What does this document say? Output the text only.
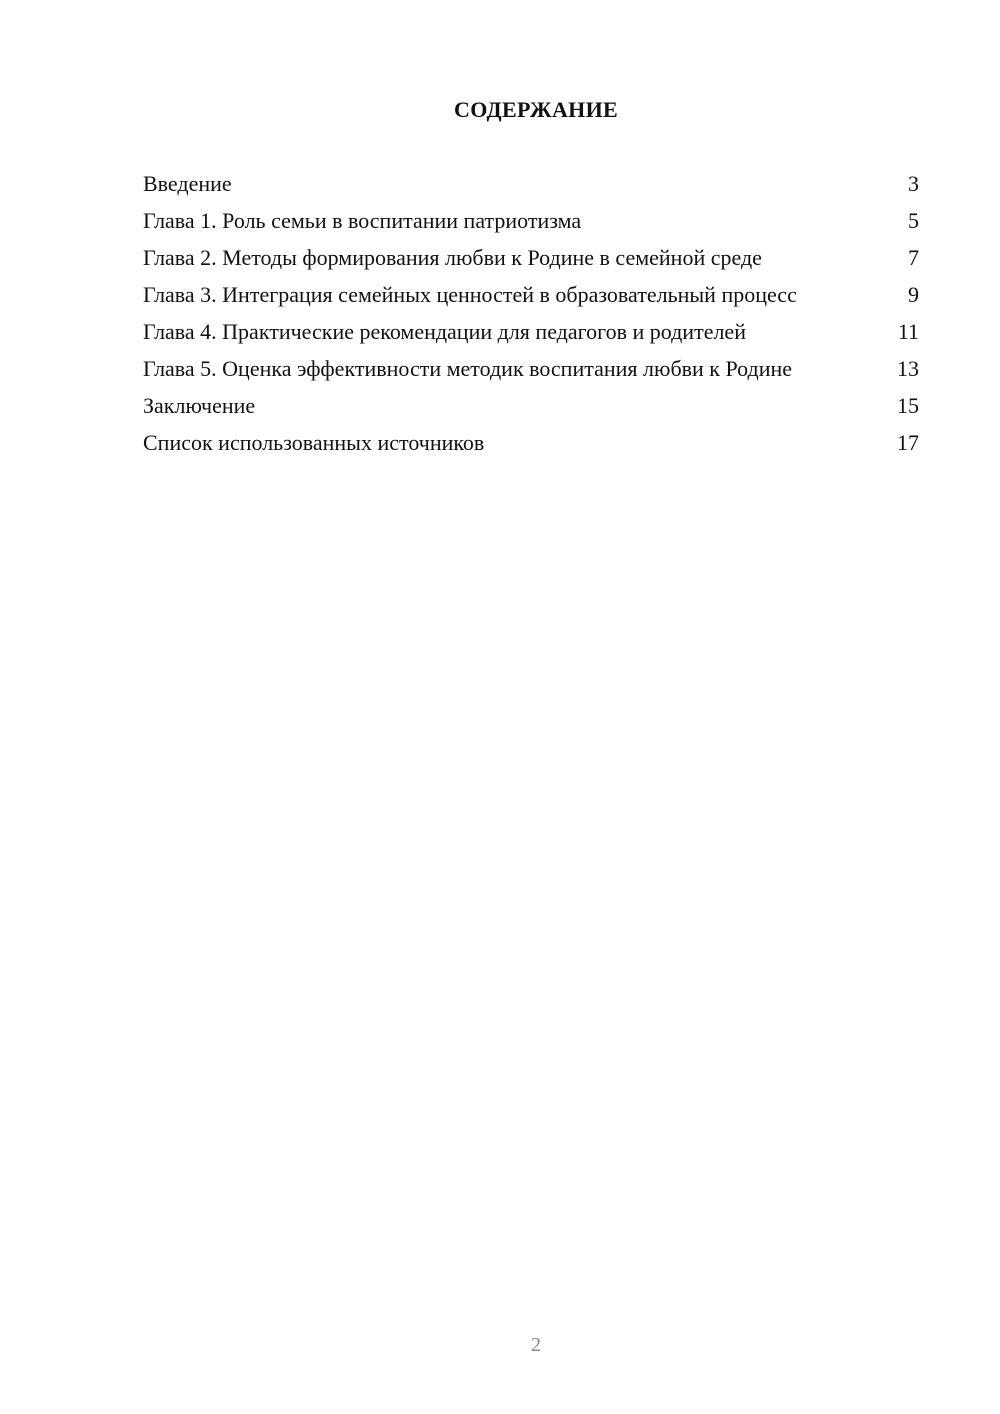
СОДЕРЖАНИЕ
Введение	3
Глава 1. Роль семьи в воспитании патриотизма	5
Глава 2. Методы формирования любви к Родине в семейной среде	7
Глава 3. Интеграция семейных ценностей в образовательный процесс	9
Глава 4. Практические рекомендации для педагогов и родителей	11
Глава 5. Оценка эффективности методик воспитания любви к Родине	13
Заключение	15
Список использованных источников	17
2
